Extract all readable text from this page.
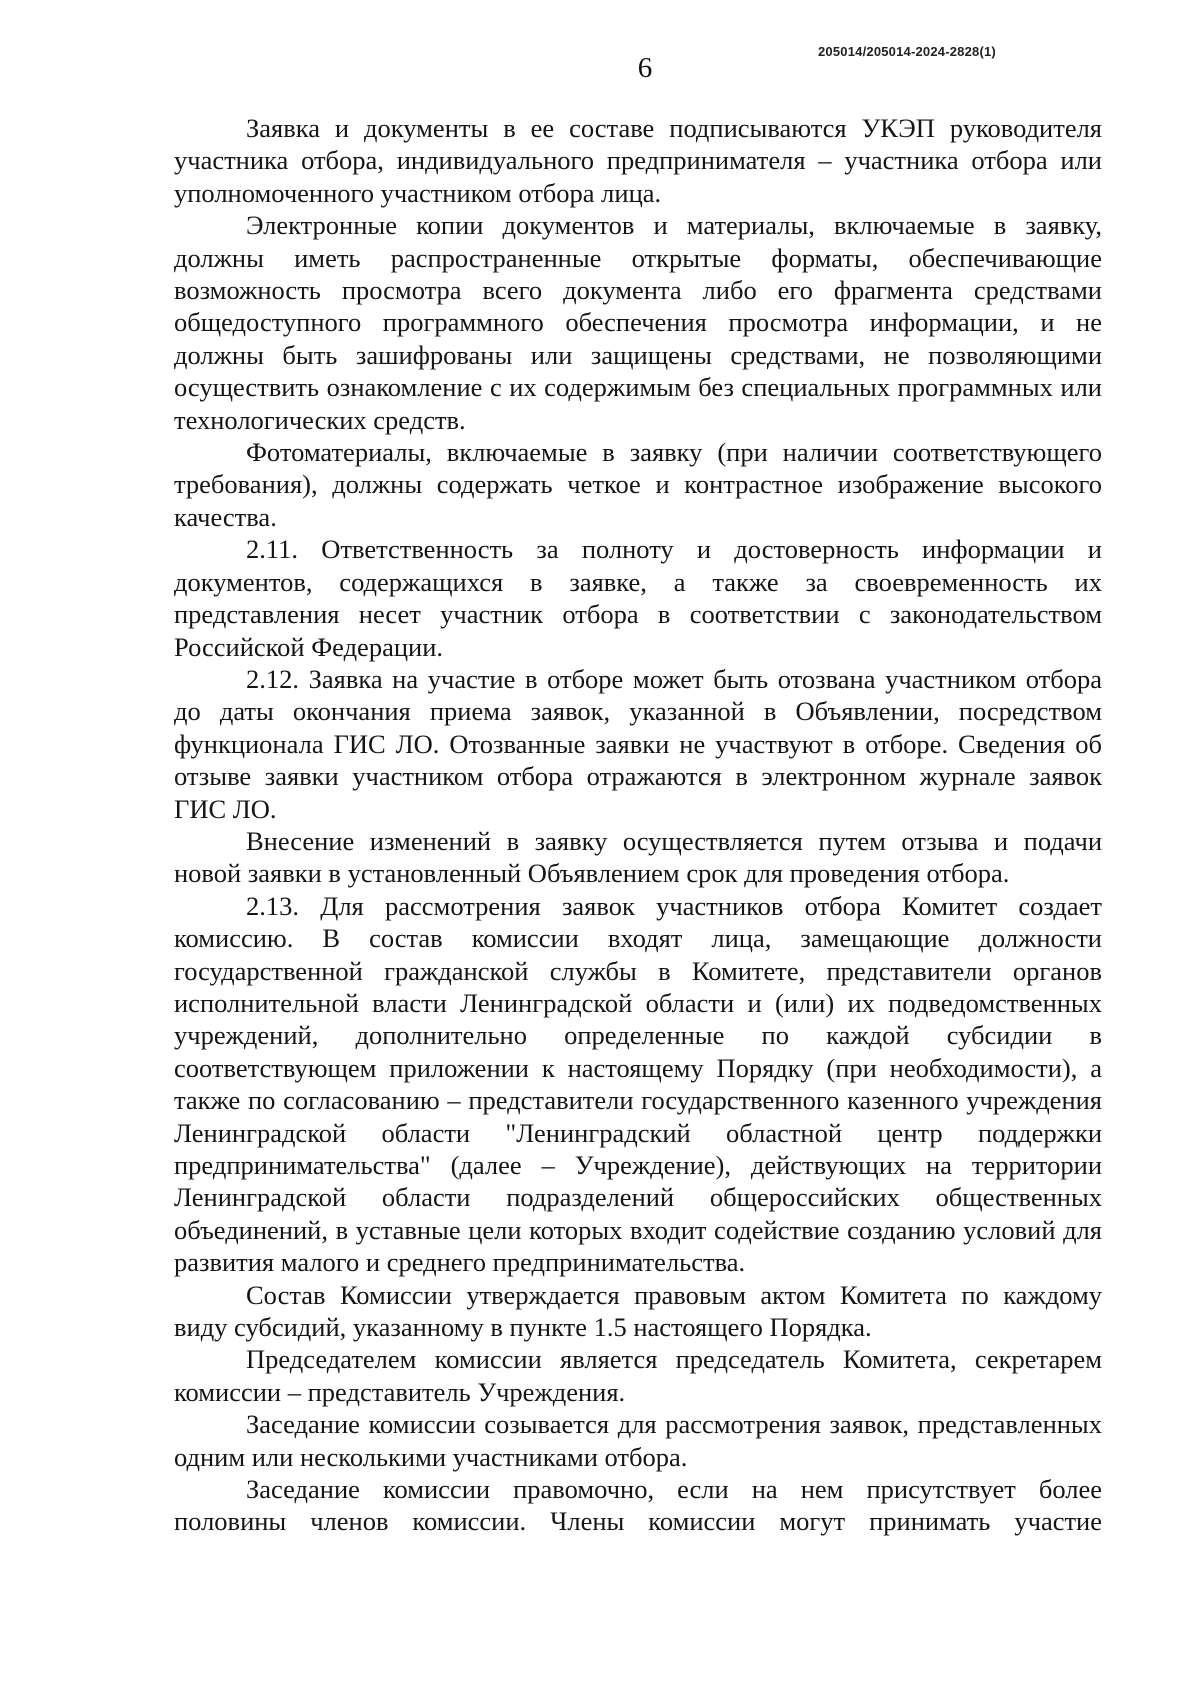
205014/205014-2024-2828(1)
6

Заявка и документы в ее составе подписываются УКЭП руководителя участника отбора, индивидуального предпринимателя – участника отбора или уполномоченного участником отбора лица.

Электронные копии документов и материалы, включаемые в заявку, должны иметь распространенные открытые форматы, обеспечивающие возможность просмотра всего документа либо его фрагмента средствами общедоступного программного обеспечения просмотра информации, и не должны быть зашифрованы или защищены средствами, не позволяющими осуществить ознакомление с их содержимым без специальных программных или технологических средств.

Фотоматериалы, включаемые в заявку (при наличии соответствующего требования), должны содержать четкое и контрастное изображение высокого качества.

2.11. Ответственность за полноту и достоверность информации и документов, содержащихся в заявке, а также за своевременность их представления несет участник отбора в соответствии с законодательством Российской Федерации.

2.12. Заявка на участие в отборе может быть отозвана участником отбора до даты окончания приема заявок, указанной в Объявлении, посредством функционала ГИС ЛО. Отозванные заявки не участвуют в отборе. Сведения об отзыве заявки участником отбора отражаются в электронном журнале заявок ГИС ЛО.

Внесение изменений в заявку осуществляется путем отзыва и подачи новой заявки в установленный Объявлением срок для проведения отбора.

2.13. Для рассмотрения заявок участников отбора Комитет создает комиссию. В состав комиссии входят лица, замещающие должности государственной гражданской службы в Комитете, представители органов исполнительной власти Ленинградской области и (или) их подведомственных учреждений, дополнительно определенные по каждой субсидии в соответствующем приложении к настоящему Порядку (при необходимости), а также по согласованию – представители государственного казенного учреждения Ленинградской области "Ленинградский областной центр поддержки предпринимательства" (далее – Учреждение), действующих на территории Ленинградской области подразделений общероссийских общественных объединений, в уставные цели которых входит содействие созданию условий для развития малого и среднего предпринимательства.

Состав Комиссии утверждается правовым актом Комитета по каждому виду субсидий, указанному в пункте 1.5 настоящего Порядка.

Председателем комиссии является председатель Комитета, секретарем комиссии – представитель Учреждения.

Заседание комиссии созывается для рассмотрения заявок, представленных одним или несколькими участниками отбора.

Заседание комиссии правомочно, если на нем присутствует более половины членов комиссии. Члены комиссии могут принимать участие
